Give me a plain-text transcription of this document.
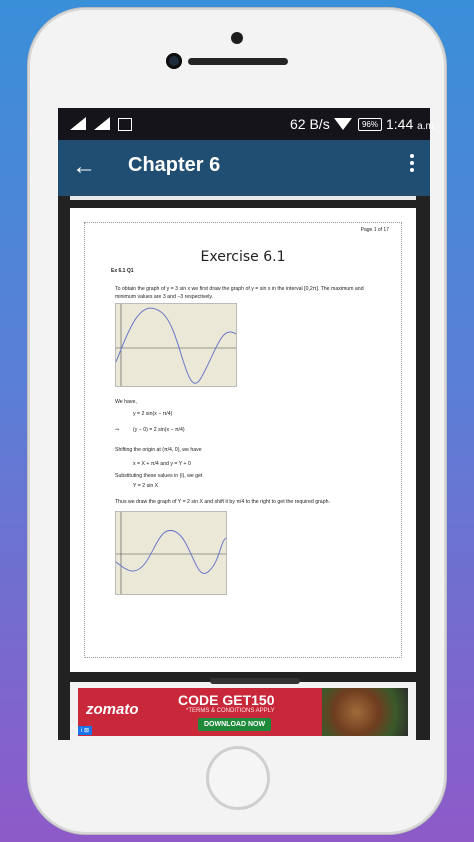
62 B/s	96% 1:44 a.m.
← Chapter 6
Page 1 of 17
Exercise 6.1
Ex 6.1 Q1
To obtain the graph of y = 3 sin x we first draw the graph of y = sin x in the interval [0,2π]. The maximum and minimum values are 3 and −3 respectively.
We have,
y = 2 sin(x − π/4)
⇒	(y − 0) = 2 sin(x − π/4)
Shifting the origin at (π/4, 0), we have
x = X + π/4 and y = Y + 0
Substituting these values in (i), we get
Y = 2 sin X
Thus we draw the graph of Y = 2 sin X and shift it by π/4 to the right to get the required graph.
zomato
CODE GET150
*TERMS & CONDITIONS APPLY
DOWNLOAD NOW
i ⊠
